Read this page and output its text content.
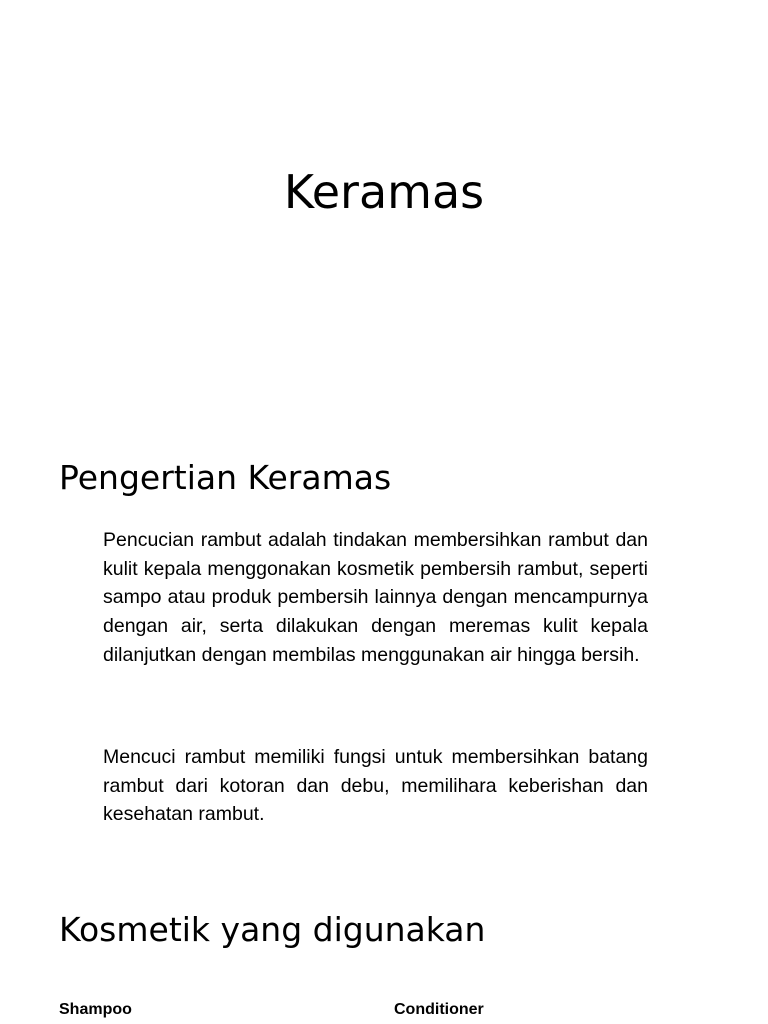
Keramas
Pengertian Keramas

Pencucian rambut adalah tindakan membersihkan rambut dan kulit kepala menggonakan kosmetik pembersih rambut, seperti sampo atau produk pembersih lainnya dengan mencampurnya dengan air, serta dilakukan dengan meremas kulit kepala dilanjutkan dengan membilas menggunakan air hingga bersih.

Mencuci rambut memiliki fungsi untuk membersihkan batang rambut dari kotoran dan debu, memilihara keberishan dan kesehatan rambut.

Kosmetik yang digunakan
Shampoo	Conditioner
